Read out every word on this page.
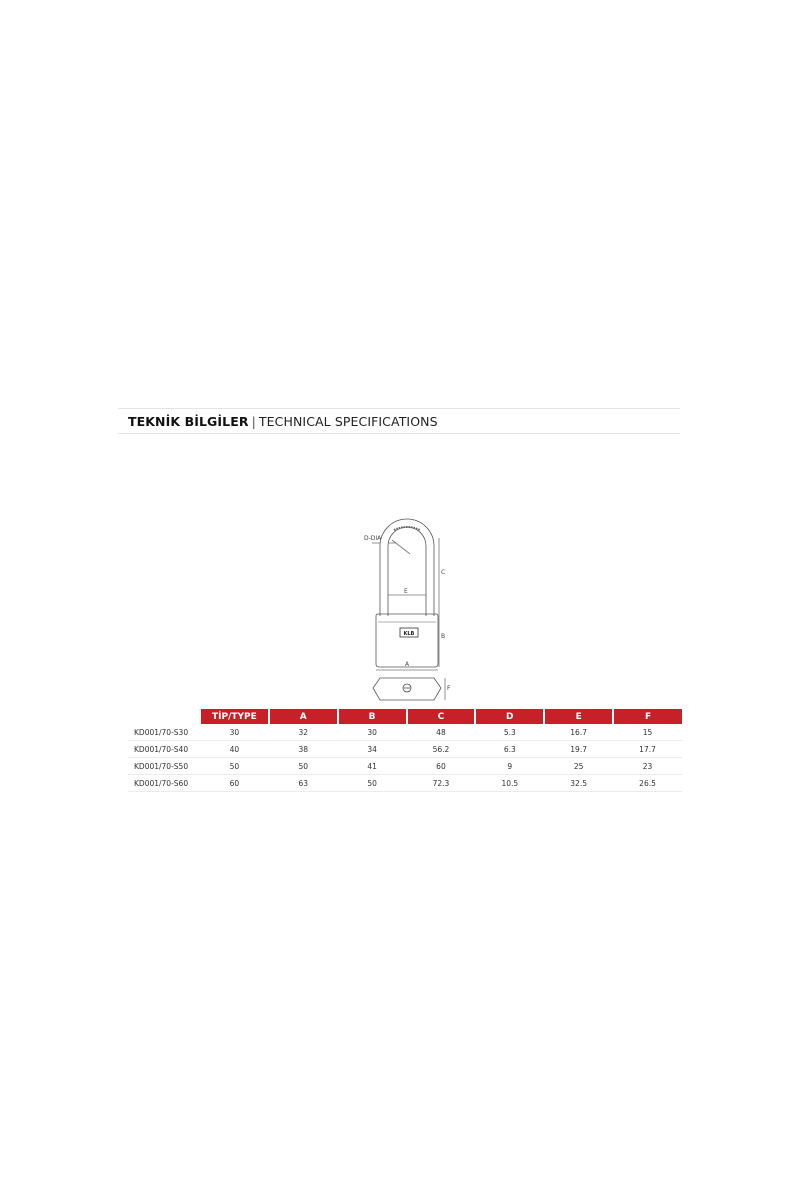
TEKNİK BİLGİLER | TECHNICAL SPECIFICATIONS
D-DIA
E
C
B
A
F
KLB
	TİP/TYPE	A	B	C	D	E	F
KD001/70-S30	30	32	30	48	5.3	16.7	15
KD001/70-S40	40	38	34	56.2	6.3	19.7	17.7
KD001/70-S50	50	50	41	60	9	25	23
KD001/70-S60	60	63	50	72.3	10.5	32.5	26.5
